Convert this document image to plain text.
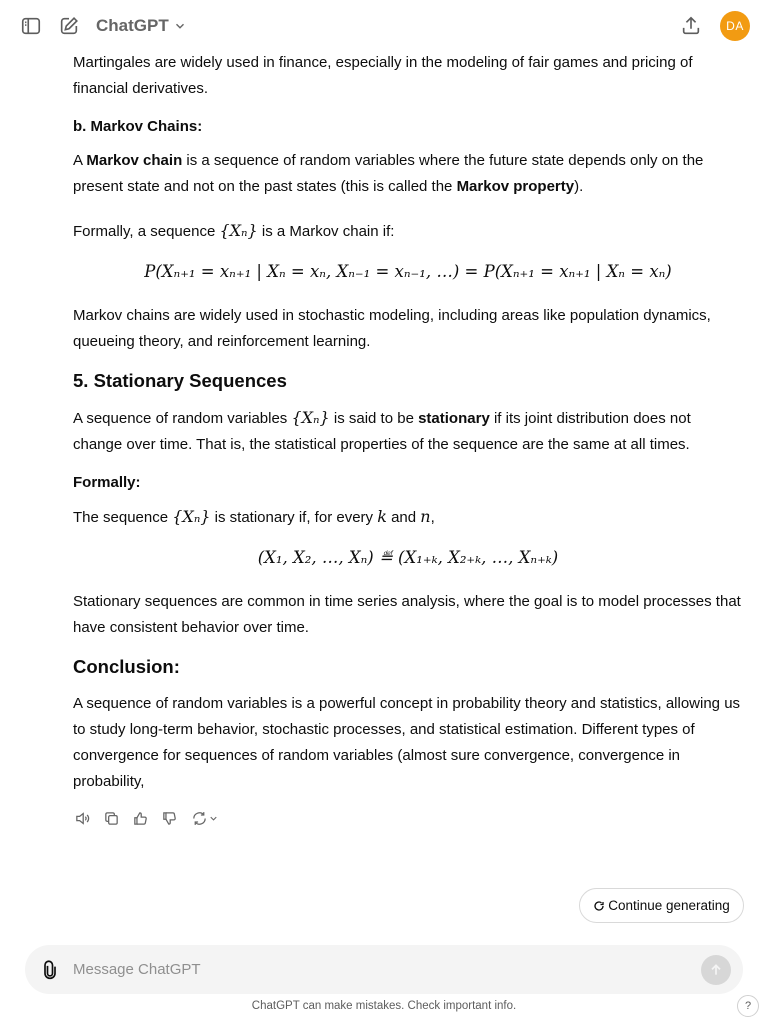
ChatGPT	DA

Martingales are widely used in finance, especially in the modeling of fair games and pricing of financial derivatives.

b. Markov Chains:

A Markov chain is a sequence of random variables where the future state depends only on the present state and not on the past states (this is called the Markov property).

Formally, a sequence {Xₙ} is a Markov chain if:

P(Xₙ₊₁ = xₙ₊₁ | Xₙ = xₙ, Xₙ₋₁ = xₙ₋₁, …) = P(Xₙ₊₁ = xₙ₊₁ | Xₙ = xₙ)

Markov chains are widely used in stochastic modeling, including areas like population dynamics, queueing theory, and reinforcement learning.

5. Stationary Sequences

A sequence of random variables {Xₙ} is said to be stationary if its joint distribution does not change over time. That is, the statistical properties of the sequence are the same at all times.

Formally:

The sequence {Xₙ} is stationary if, for every k and n,

(X₁, X₂, …, Xₙ) ≝ (X₁₊ₖ, X₂₊ₖ, …, Xₙ₊ₖ)

Stationary sequences are common in time series analysis, where the goal is to model processes that have consistent behavior over time.

Conclusion:

A sequence of random variables is a powerful concept in probability theory and statistics, allowing us to study long-term behavior, stochastic processes, and statistical estimation. Different types of convergence for sequences of random variables (almost sure convergence, convergence in probability,

Continue generating
Message ChatGPT
ChatGPT can make mistakes. Check important info.	?
